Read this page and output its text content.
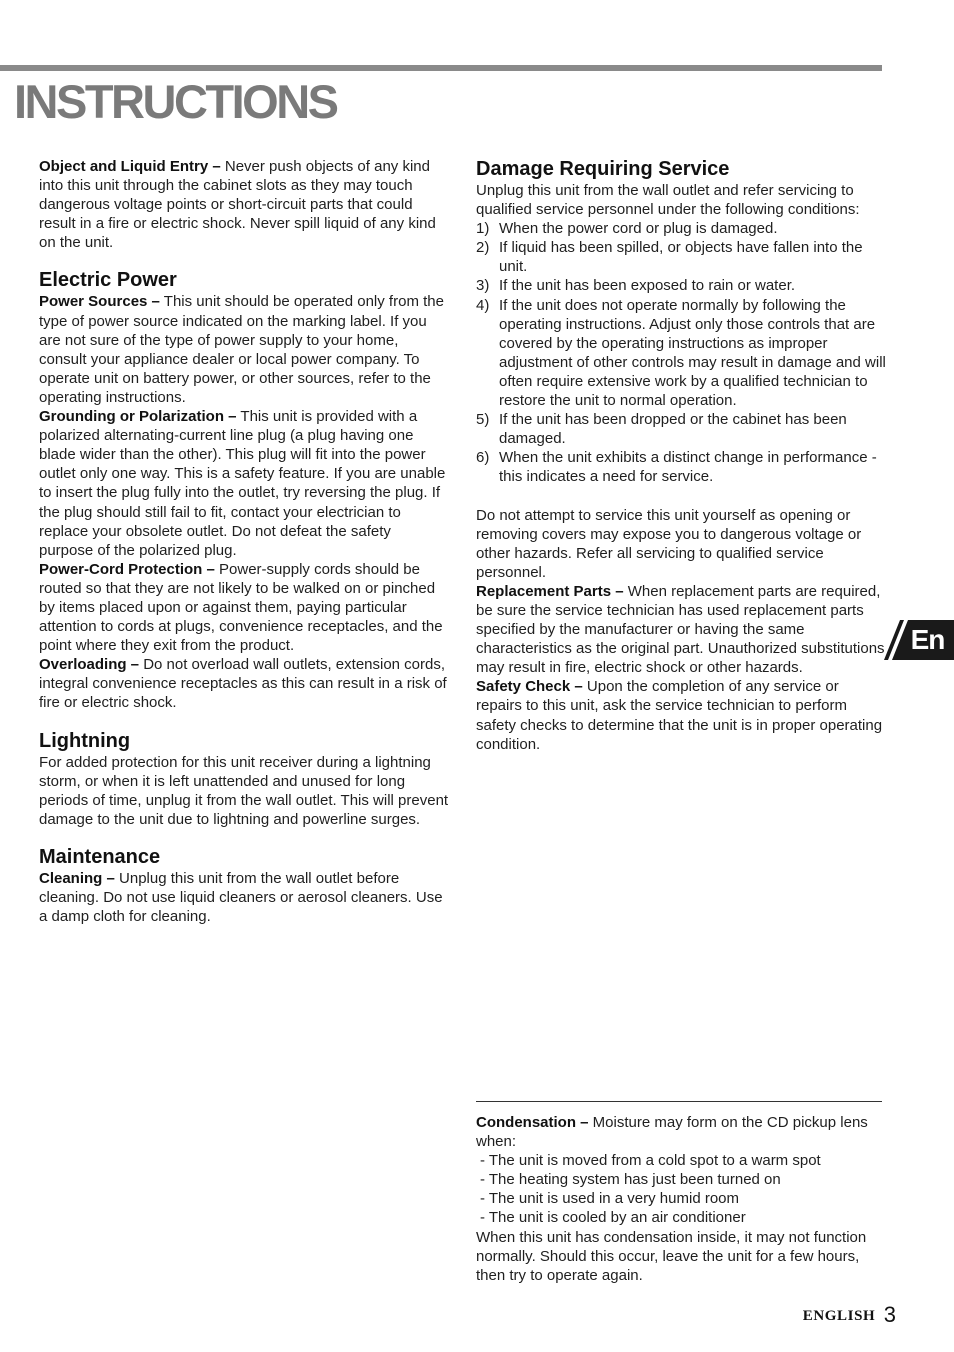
INSTRUCTIONS

Object and Liquid Entry – Never push objects of any kind into this unit through the cabinet slots as they may touch dangerous voltage points or short-circuit parts that could result in a fire or electric shock. Never spill liquid of any kind on the unit.

Electric Power

Power Sources – This unit should be operated only from the type of power source indicated on the marking label. If you are not sure of the type of power supply to your home, consult your appliance dealer or local power company. To operate unit on battery power, or other sources, refer to the operating instructions.

Grounding or Polarization – This unit is provided with a polarized alternating-current line plug (a plug having one blade wider than the other). This plug will fit into the power outlet only one way. This is a safety feature. If you are unable to insert the plug fully into the outlet, try reversing the plug. If the plug should still fail to fit, contact your electrician to replace your obsolete outlet. Do not defeat the safety purpose of the polarized plug.

Power-Cord Protection – Power-supply cords should be routed so that they are not likely to be walked on or pinched by items placed upon or against them, paying particular attention to cords at plugs, convenience receptacles, and the point where they exit from the product.

Overloading – Do not overload wall outlets, extension cords, integral convenience receptacles as this can result in a risk of fire or electric shock.

Lightning

For added protection for this unit receiver during a lightning storm, or when it is left unattended and unused for long periods of time, unplug it from the wall outlet. This will prevent damage to the unit due to lightning and powerline surges.

Maintenance

Cleaning – Unplug this unit from the wall outlet before cleaning. Do not use liquid cleaners or aerosol cleaners. Use a damp cloth for cleaning.

Damage Requiring Service

Unplug this unit from the wall outlet and refer servicing to qualified service personnel under the following conditions:

1) When the power cord or plug is damaged.
2) If liquid has been spilled, or objects have fallen into the unit.
3) If the unit has been exposed to rain or water.
4) If the unit does not operate normally by following the operating instructions. Adjust only those controls that are covered by the operating instructions as improper adjustment of other controls may result in damage and will often require extensive work by a qualified technician to restore the unit to normal operation.
5) If the unit has been dropped or the cabinet has been damaged.
6) When the unit exhibits a distinct change in performance - this indicates a need for service.

Do not attempt to service this unit yourself as opening or removing covers may expose you to dangerous voltage or other hazards. Refer all servicing to qualified service personnel.

Replacement Parts – When replacement parts are required, be sure the service technician has used replacement parts specified by the manufacturer or having the same characteristics as the original part. Unauthorized substitutions may result in fire, electric shock or other hazards.

Safety Check – Upon the completion of any service or repairs to this unit, ask the service technician to perform safety checks to determine that the unit is in proper operating condition.

En

Condensation – Moisture may form on the CD pickup lens when:

- The unit is moved from a cold spot to a warm spot
- The heating system has just been turned on
- The unit is used in a very humid room
- The unit is cooled by an air conditioner

When this unit has condensation inside, it may not function normally. Should this occur, leave the unit for a few hours, then try to operate again.

ENGLISH 3
